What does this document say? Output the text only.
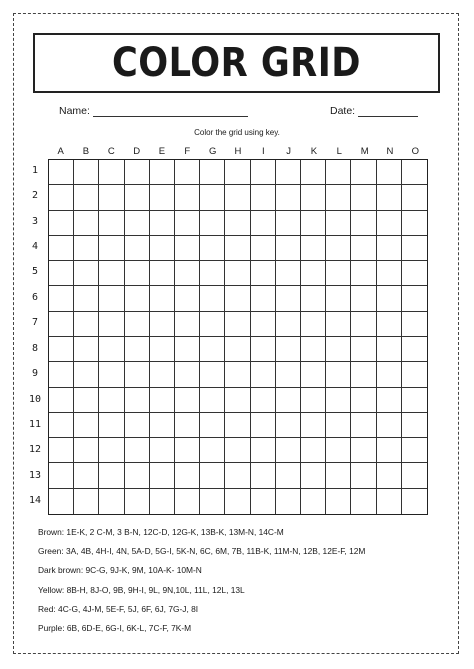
COLOR GRID
Name:	Date:
Color the grid using key.
A	B	C	D	E	F	G	H	I	J	K	L	M	N	O
1
2
3
4
5
6
7
8
9
10
11
12
13
14
Brown: 1E-K, 2 C-M, 3 B-N, 12C-D, 12G-K, 13B-K, 13M-N, 14C-M
Green: 3A, 4B, 4H-I, 4N, 5A-D, 5G-I, 5K-N, 6C, 6M, 7B, 11B-K, 11M-N, 12B, 12E-F, 12M
Dark brown: 9C-G, 9J-K, 9M, 10A-K- 10M-N
Yellow: 8B-H, 8J-O, 9B, 9H-I, 9L, 9N,10L, 11L, 12L, 13L
Red: 4C-G, 4J-M, 5E-F, 5J, 6F, 6J, 7G-J, 8I
Purple: 6B, 6D-E, 6G-I, 6K-L, 7C-F, 7K-M
